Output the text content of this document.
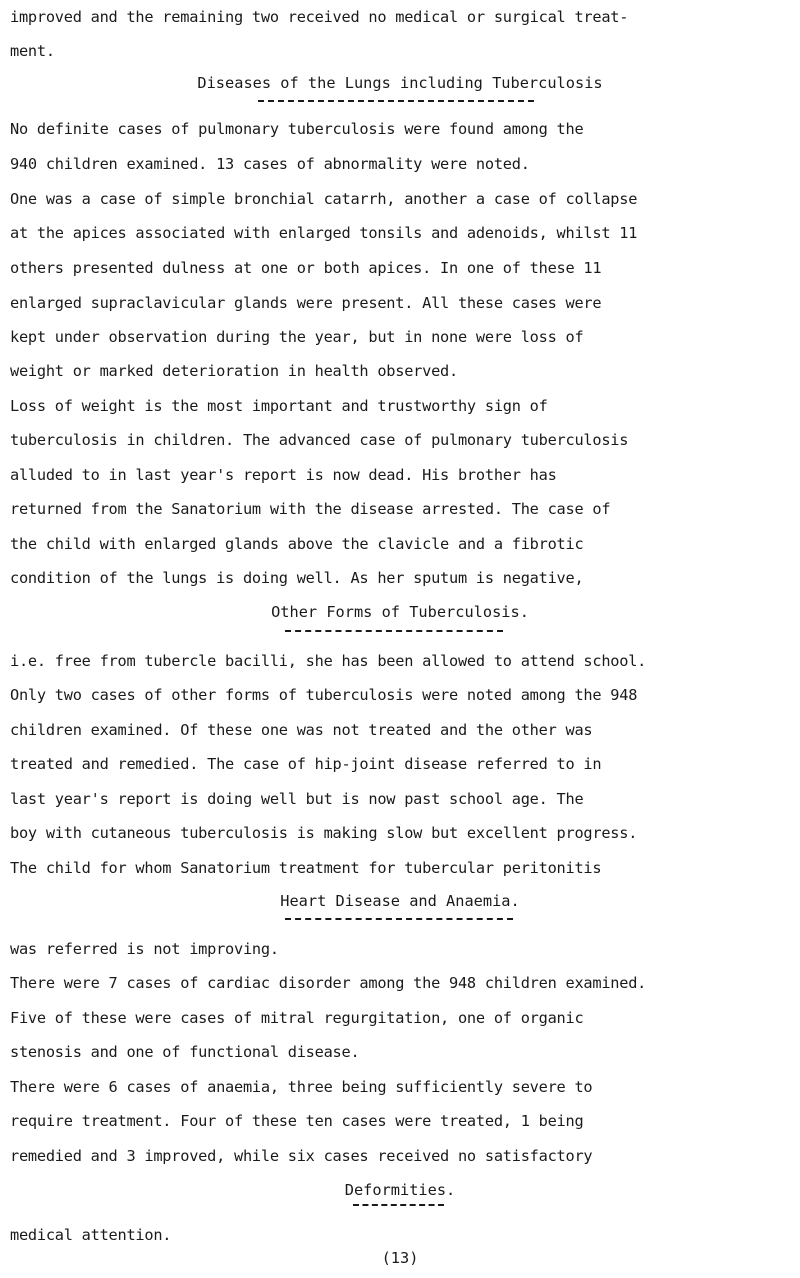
improved and the remaining two received no medical or surgical treat-
ment.
Diseases of the Lungs including Tuberculosis
No definite cases of pulmonary tuberculosis were found among the
940 children examined. 13 cases of abnormality were noted.
One was a case of simple bronchial catarrh, another a case of collapse
at the apices associated with enlarged tonsils and adenoids, whilst 11
others presented dulness at one or both apices. In one of these 11
enlarged supraclavicular glands were present. All these cases were
kept under observation during the year, but in none were loss of
weight or marked deterioration in health observed.
Loss of weight is the most important and trustworthy sign of
tuberculosis in children. The advanced case of pulmonary tuberculosis
alluded to in last year's report is now dead. His brother has
returned from the Sanatorium with the disease arrested. The case of
the child with enlarged glands above the clavicle and a fibrotic
condition of the lungs is doing well. As her sputum is negative,
Other Forms of Tuberculosis.
i.e. free from tubercle bacilli, she has been allowed to attend school.
Only two cases of other forms of tuberculosis were noted among the 948
children examined. Of these one was not treated and the other was
treated and remedied. The case of hip-joint disease referred to in
last year's report is doing well but is now past school age. The
boy with cutaneous tuberculosis is making slow but excellent progress.
The child for whom Sanatorium treatment for tubercular peritonitis
Heart Disease and Anaemia.
was referred is not improving.
There were 7 cases of cardiac disorder among the 948 children examined.
Five of these were cases of mitral regurgitation, one of organic
stenosis and one of functional disease.
There were 6 cases of anaemia, three being sufficiently severe to
require treatment. Four of these ten cases were treated, 1 being
remedied and 3 improved, while six cases received no satisfactory
Deformities.
medical attention.
(13)
